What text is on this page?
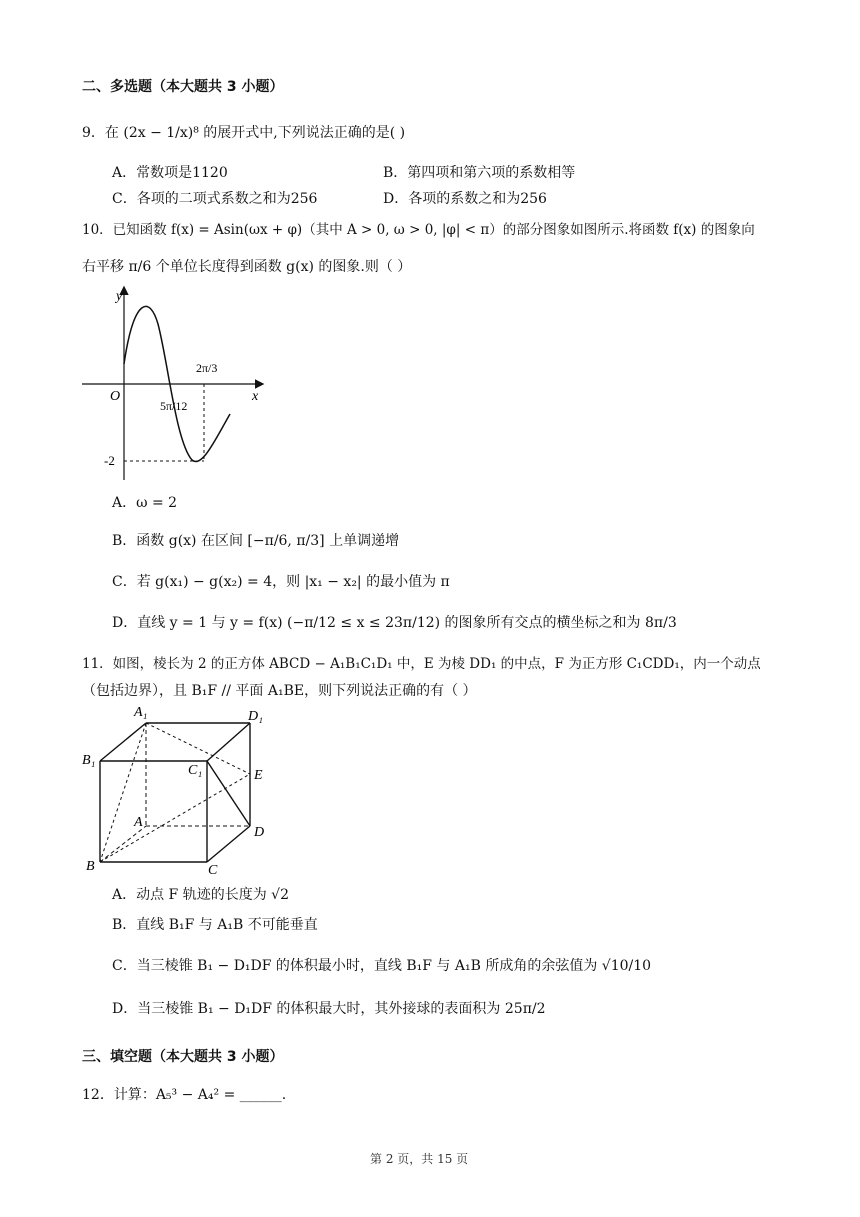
二、多选题（本大题共 3 小题）
9．在 (2x − 1/x)⁸ 的展开式中,下列说法正确的是( )
A．常数项是1120	B．第四项和第六项的系数相等
C．各项的二项式系数之和为256	D．各项的系数之和为256
10．已知函数 f(x) = Asin(ωx + φ)（其中 A > 0, ω > 0, |φ| < π）的部分图象如图所示.将函数 f(x) 的图象向
右平移 π/6 个单位长度得到函数 g(x) 的图象.则（ ）
y
x
O
5π/12
2π/3
-2
A．ω = 2
B．函数 g(x) 在区间 [−π/6, π/3] 上单调递增
C．若 g(x₁) − g(x₂) = 4，则 |x₁ − x₂| 的最小值为 π
D．直线 y = 1 与 y = f(x) (−π/12 ≤ x ≤ 23π/12) 的图象所有交点的横坐标之和为 8π/3
11．如图，棱长为 2 的正方体 ABCD − A₁B₁C₁D₁ 中，E 为棱 DD₁ 的中点，F 为正方形 C₁CDD₁，内一个动点
（包括边界），且 B₁F // 平面 A₁BE，则下列说法正确的有（ ）
A₁	D₁
B₁
C₁	E
A
D
B	C
A．动点 F 轨迹的长度为 √2
B．直线 B₁F 与 A₁B 不可能垂直
C．当三棱锥 B₁ − D₁DF 的体积最小时，直线 B₁F 与 A₁B 所成角的余弦值为 √10/10
D．当三棱锥 B₁ − D₁DF 的体积最大时，其外接球的表面积为 25π/2
三、填空题（本大题共 3 小题）
12．计算：A₅³ − A₄² = ______.
第 2 页，共 15 页
